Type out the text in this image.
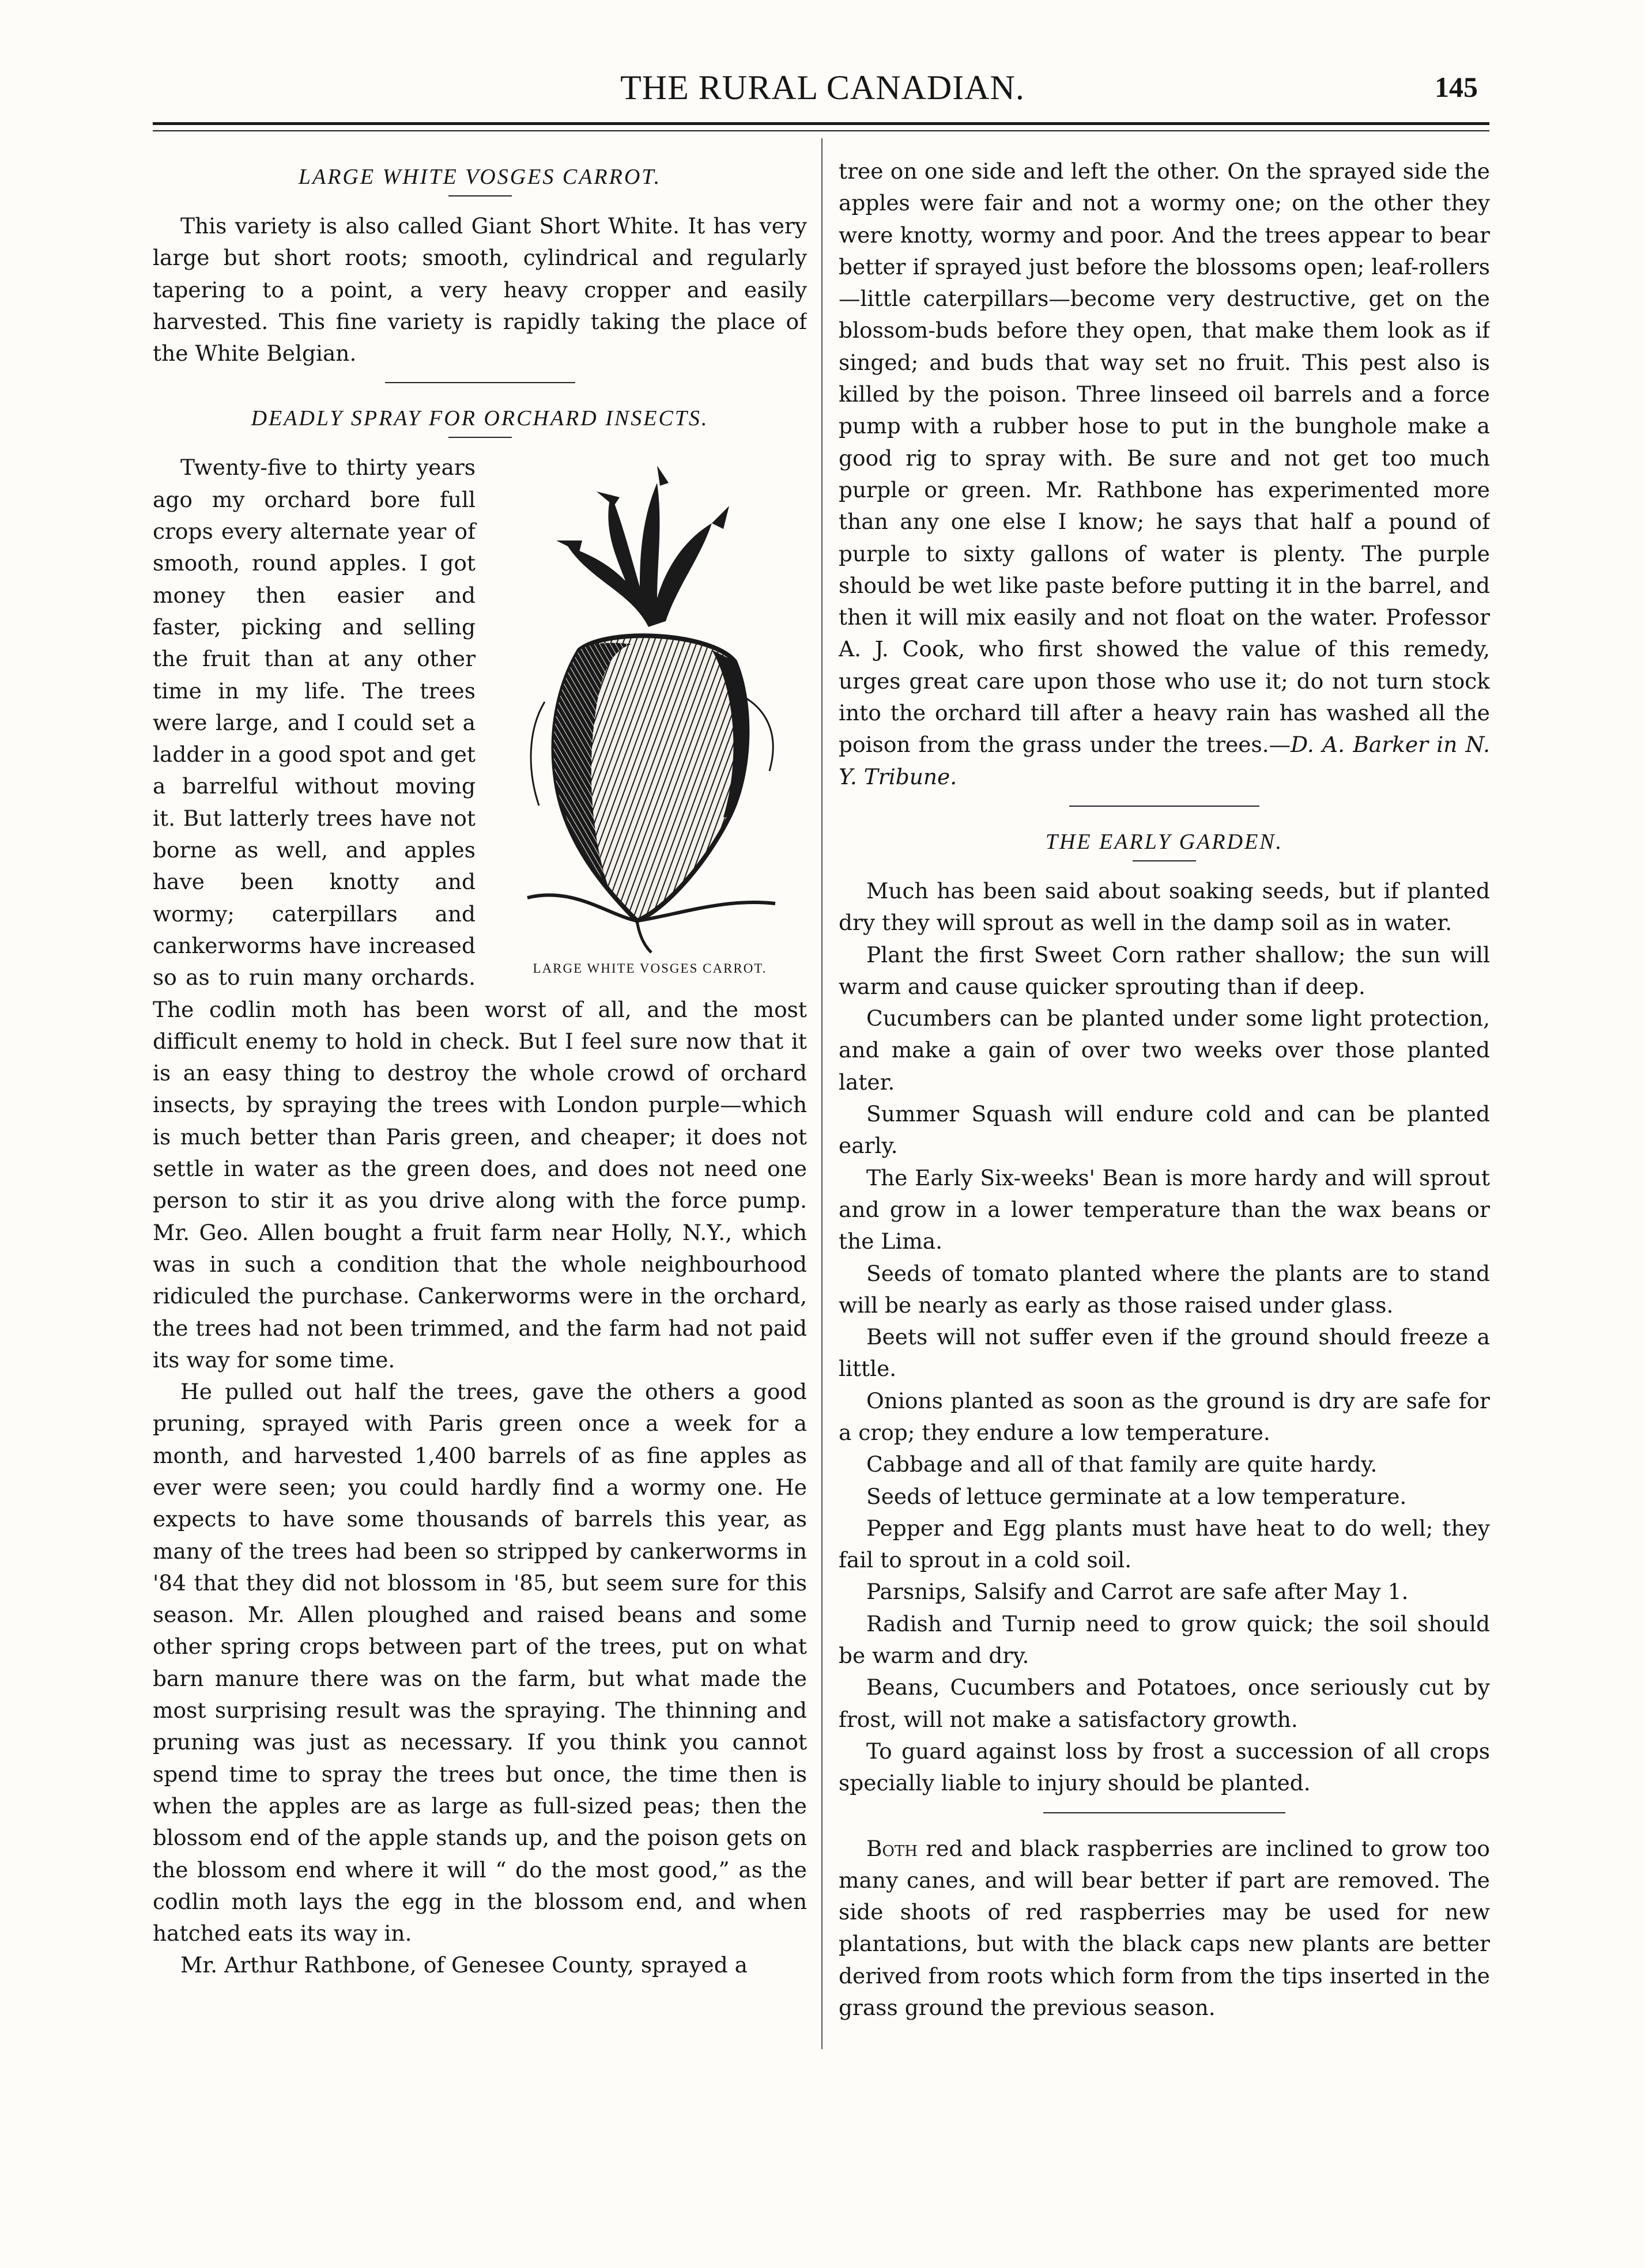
THE RURAL CANADIAN.	145
LARGE WHITE VOSGES CARROT.

This variety is also called Giant Short White. It has very large but short roots; smooth, cylindrical and regularly tapering to a point, a very heavy cropper and easily harvested. This fine variety is rapidly taking the place of the White Belgian.

DEADLY SPRAY FOR ORCHARD INSECTS.
LARGE WHITE VOSGES CARROT.

Twenty-five to thirty years ago my orchard bore full crops every alternate year of smooth, round apples. I got money then easier and faster, picking and selling the fruit than at any other time in my life. The trees were large, and I could set a ladder in a good spot and get a barrelful without moving it. But latterly trees have not borne as well, and apples have been knotty and wormy; caterpillars and cankerworms have increased so as to ruin many orchards. The codlin moth has been worst of all, and the most difficult enemy to hold in check. But I feel sure now that it is an easy thing to destroy the whole crowd of orchard insects, by spraying the trees with London purple—which is much better than Paris green, and cheaper; it does not settle in water as the green does, and does not need one person to stir it as you drive along with the force pump. Mr. Geo. Allen bought a fruit farm near Holly, N.Y., which was in such a condition that the whole neighbourhood ridiculed the purchase. Cankerworms were in the orchard, the trees had not been trimmed, and the farm had not paid its way for some time.

He pulled out half the trees, gave the others a good pruning, sprayed with Paris green once a week for a month, and harvested 1,400 barrels of as fine apples as ever were seen; you could hardly find a wormy one. He expects to have some thousands of barrels this year, as many of the trees had been so stripped by cankerworms in '84 that they did not blossom in '85, but seem sure for this season. Mr. Allen ploughed and raised beans and some other spring crops between part of the trees, put on what barn manure there was on the farm, but what made the most surprising result was the spraying. The thinning and pruning was just as necessary. If you think you cannot spend time to spray the trees but once, the time then is when the apples are as large as full-sized peas; then the blossom end of the apple stands up, and the poison gets on the blossom end where it will “ do the most good,” as the codlin moth lays the egg in the blossom end, and when hatched eats its way in.

Mr. Arthur Rathbone, of Genesee County, sprayed a

tree on one side and left the other. On the sprayed side the apples were fair and not a wormy one; on the other they were knotty, wormy and poor. And the trees appear to bear better if sprayed just before the blossoms open; leaf-rollers—little caterpillars—become very destructive, get on the blossom-buds before they open, that make them look as if singed; and buds that way set no fruit. This pest also is killed by the poison. Three linseed oil barrels and a force pump with a rubber hose to put in the bunghole make a good rig to spray with. Be sure and not get too much purple or green. Mr. Rathbone has experimented more than any one else I know; he says that half a pound of purple to sixty gallons of water is plenty. The purple should be wet like paste before putting it in the barrel, and then it will mix easily and not float on the water. Professor A. J. Cook, who first showed the value of this remedy, urges great care upon those who use it; do not turn stock into the orchard till after a heavy rain has washed all the poison from the grass under the trees.—D. A. Barker in N. Y. Tribune.

THE EARLY GARDEN.

Much has been said about soaking seeds, but if planted dry they will sprout as well in the damp soil as in water.

Plant the first Sweet Corn rather shallow; the sun will warm and cause quicker sprouting than if deep.

Cucumbers can be planted under some light protection, and make a gain of over two weeks over those planted later.

Summer Squash will endure cold and can be planted early.

The Early Six-weeks' Bean is more hardy and will sprout and grow in a lower temperature than the wax beans or the Lima.

Seeds of tomato planted where the plants are to stand will be nearly as early as those raised under glass.

Beets will not suffer even if the ground should freeze a little.

Onions planted as soon as the ground is dry are safe for a crop; they endure a low temperature.

Cabbage and all of that family are quite hardy.

Seeds of lettuce germinate at a low temperature.

Pepper and Egg plants must have heat to do well; they fail to sprout in a cold soil.

Parsnips, Salsify and Carrot are safe after May 1.

Radish and Turnip need to grow quick; the soil should be warm and dry.

Beans, Cucumbers and Potatoes, once seriously cut by frost, will not make a satisfactory growth.

To guard against loss by frost a succession of all crops specially liable to injury should be planted.

Both red and black raspberries are inclined to grow too many canes, and will bear better if part are removed. The side shoots of red raspberries may be used for new plantations, but with the black caps new plants are better derived from roots which form from the tips inserted in the grass ground the previous season.
